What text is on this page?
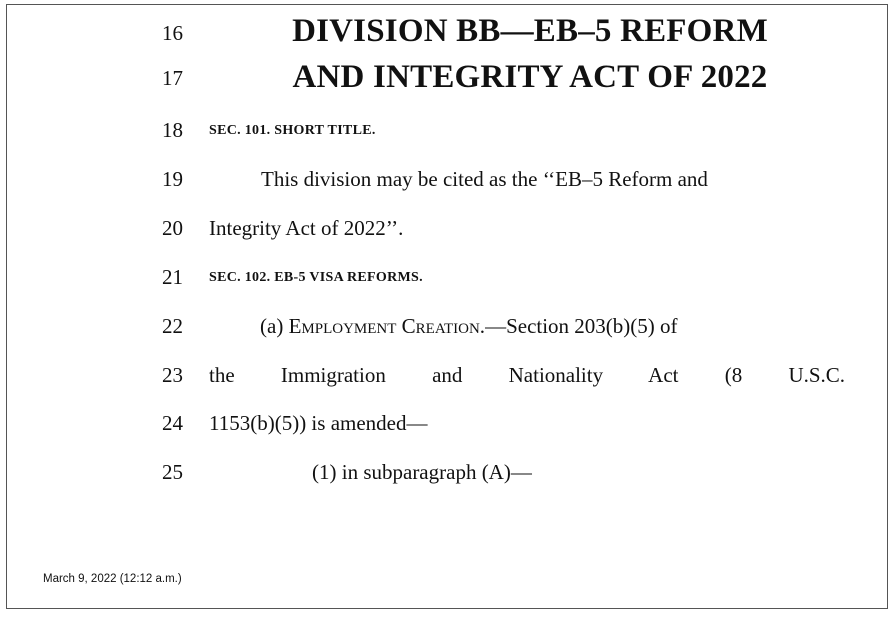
16
17
18
19
20
21
22
23
24
25
DIVISION BB—EB–5 REFORM
AND INTEGRITY ACT OF 2022
SEC. 101. SHORT TITLE.
This division may be cited as the ‘‘EB–5 Reform and
Integrity Act of 2022’’.
SEC. 102. EB-5 VISA REFORMS.
(a) Employment Creation.—Section 203(b)(5) of
the Immigration and Nationality Act (8 U.S.C.
1153(b)(5)) is amended—
(1) in subparagraph (A)—
March 9, 2022 (12:12 a.m.)
